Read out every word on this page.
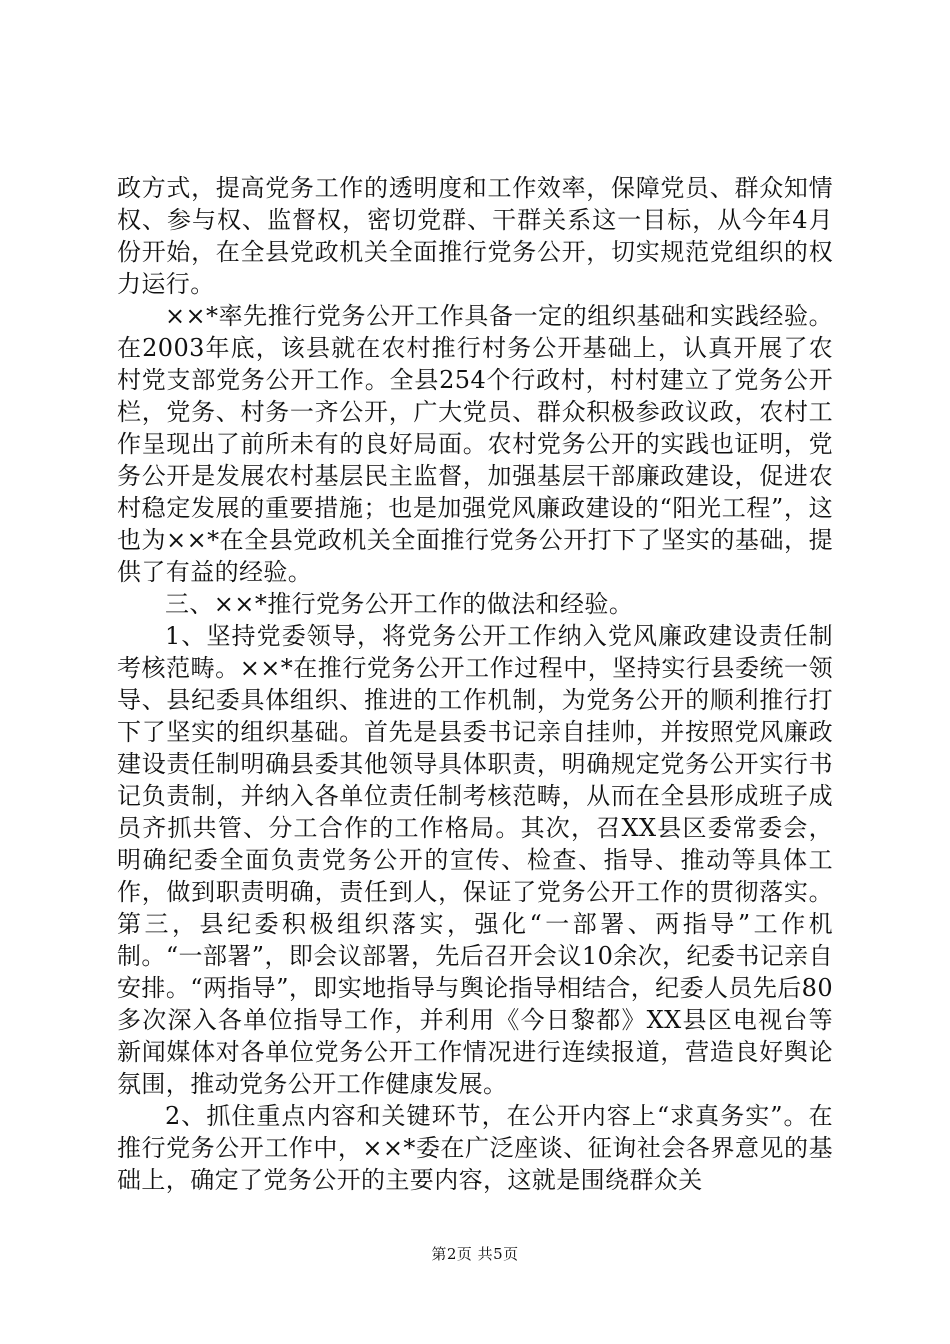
政方式，提高党务工作的透明度和工作效率，保障党员、群众知情权、参与权、监督权，密切党群、干群关系这一目标，从今年4月份开始，在全县党政机关全面推行党务公开，切实规范党组织的权力运行。

××*率先推行党务公开工作具备一定的组织基础和实践经验。在2003年底，该县就在农村推行村务公开基础上，认真开展了农村党支部党务公开工作。全县254个行政村，村村建立了党务公开栏，党务、村务一齐公开，广大党员、群众积极参政议政，农村工作呈现出了前所未有的良好局面。农村党务公开的实践也证明，党务公开是发展农村基层民主监督，加强基层干部廉政建设，促进农村稳定发展的重要措施；也是加强党风廉政建设的“阳光工程”，这也为××*在全县党政机关全面推行党务公开打下了坚实的基础，提供了有益的经验。

三、××*推行党务公开工作的做法和经验。

1、坚持党委领导，将党务公开工作纳入党风廉政建设责任制考核范畴。××*在推行党务公开工作过程中，坚持实行县委统一领导、县纪委具体组织、推进的工作机制，为党务公开的顺利推行打下了坚实的组织基础。首先是县委书记亲自挂帅，并按照党风廉政建设责任制明确县委其他领导具体职责，明确规定党务公开实行书记负责制，并纳入各单位责任制考核范畴，从而在全县形成班子成员齐抓共管、分工合作的工作格局。其次，召XX县区委常委会，明确纪委全面负责党务公开的宣传、检查、指导、推动等具体工作，做到职责明确，责任到人，保证了党务公开工作的贯彻落实。第三，县纪委积极组织落实，强化“一部署、两指导”工作机制。“一部署”，即会议部署，先后召开会议10余次，纪委书记亲自安排。“两指导”，即实地指导与舆论指导相结合，纪委人员先后80多次深入各单位指导工作，并利用《今日黎都》XX县区电视台等新闻媒体对各单位党务公开工作情况进行连续报道，营造良好舆论氛围，推动党务公开工作健康发展。

2、抓住重点内容和关键环节，在公开内容上“求真务实”。在推行党务公开工作中，××*委在广泛座谈、征询社会各界意见的基础上，确定了党务公开的主要内容，这就是围绕群众关

第2页 共5页
